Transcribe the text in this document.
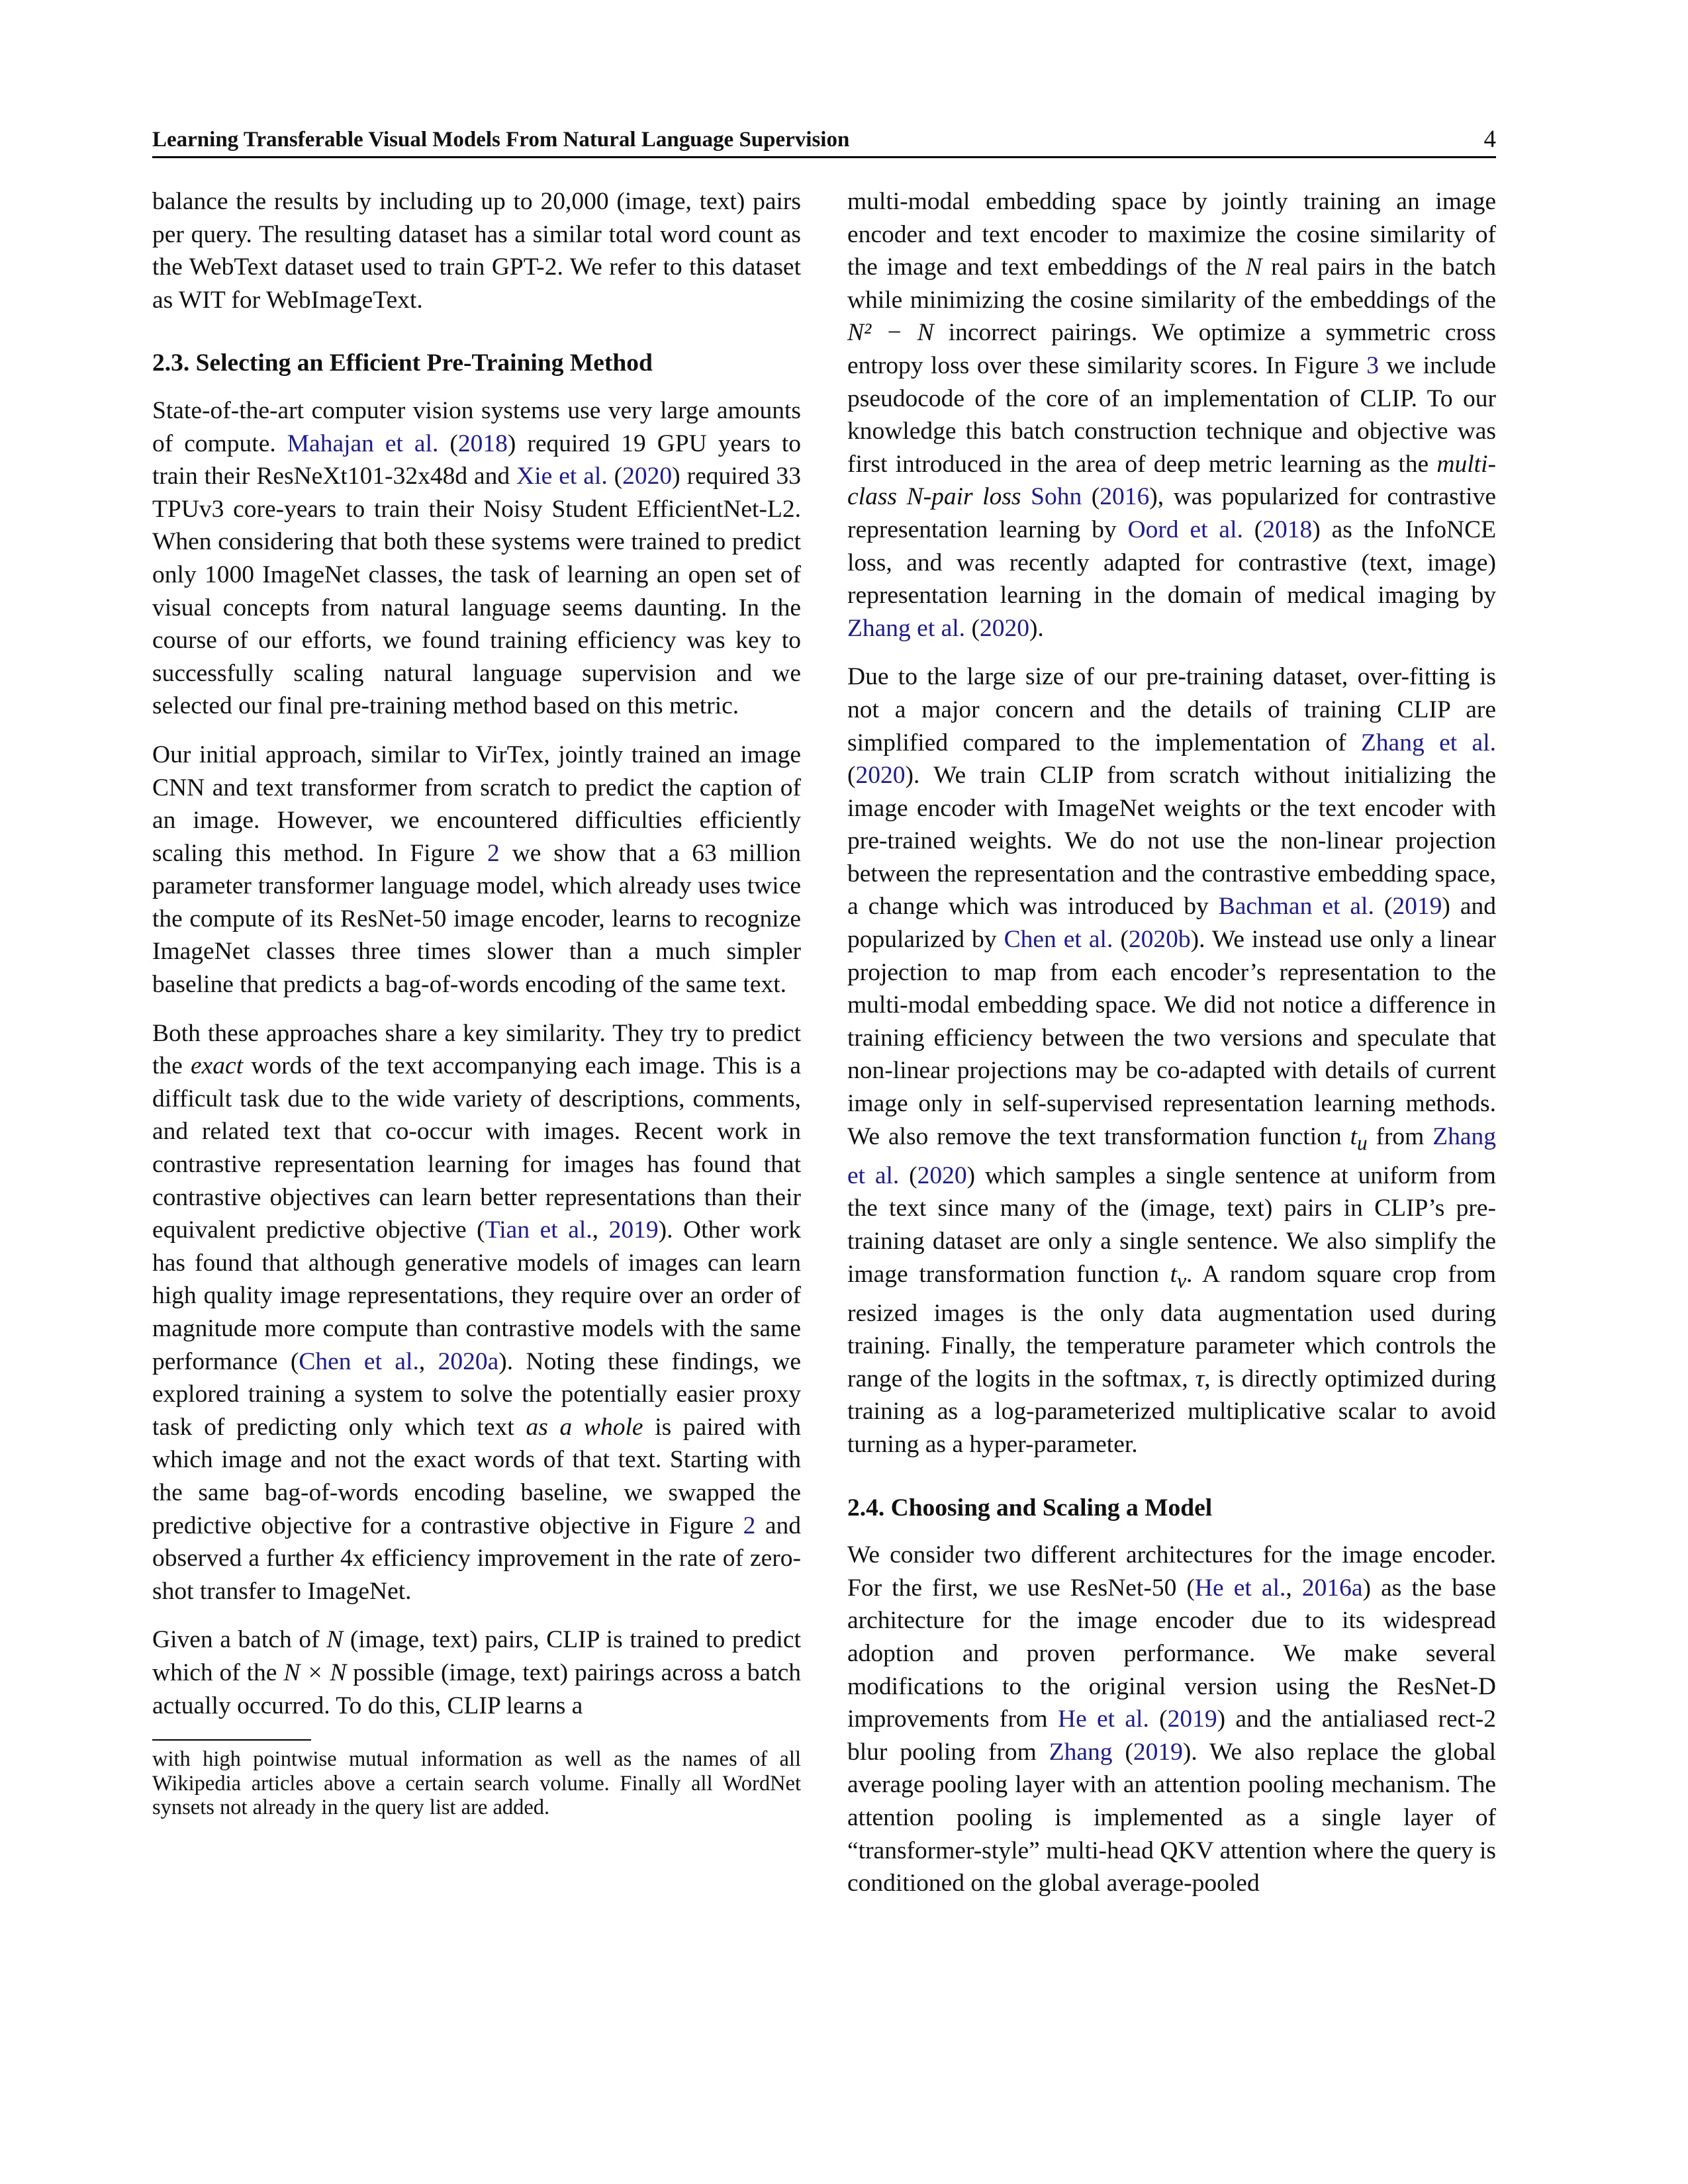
Learning Transferable Visual Models From Natural Language Supervision	4

balance the results by including up to 20,000 (image, text) pairs per query. The resulting dataset has a similar total word count as the WebText dataset used to train GPT-2. We refer to this dataset as WIT for WebImageText.

2.3. Selecting an Efficient Pre-Training Method

State-of-the-art computer vision systems use very large amounts of compute. Mahajan et al. (2018) required 19 GPU years to train their ResNeXt101-32x48d and Xie et al. (2020) required 33 TPUv3 core-years to train their Noisy Student EfficientNet-L2. When considering that both these systems were trained to predict only 1000 ImageNet classes, the task of learning an open set of visual concepts from natural language seems daunting. In the course of our efforts, we found training efficiency was key to successfully scaling natural language supervision and we selected our final pre-training method based on this metric.

Our initial approach, similar to VirTex, jointly trained an image CNN and text transformer from scratch to predict the caption of an image. However, we encountered difficulties efficiently scaling this method. In Figure 2 we show that a 63 million parameter transformer language model, which already uses twice the compute of its ResNet-50 image encoder, learns to recognize ImageNet classes three times slower than a much simpler baseline that predicts a bag-of-words encoding of the same text.

Both these approaches share a key similarity. They try to predict the exact words of the text accompanying each image. This is a difficult task due to the wide variety of descriptions, comments, and related text that co-occur with images. Recent work in contrastive representation learning for images has found that contrastive objectives can learn better representations than their equivalent predictive objective (Tian et al., 2019). Other work has found that although generative models of images can learn high quality image representations, they require over an order of magnitude more compute than contrastive models with the same performance (Chen et al., 2020a). Noting these findings, we explored training a system to solve the potentially easier proxy task of predicting only which text as a whole is paired with which image and not the exact words of that text. Starting with the same bag-of-words encoding baseline, we swapped the predictive objective for a contrastive objective in Figure 2 and observed a further 4x efficiency improvement in the rate of zero-shot transfer to ImageNet.

Given a batch of N (image, text) pairs, CLIP is trained to predict which of the N × N possible (image, text) pairings across a batch actually occurred. To do this, CLIP learns a

with high pointwise mutual information as well as the names of all Wikipedia articles above a certain search volume. Finally all WordNet synsets not already in the query list are added.

multi-modal embedding space by jointly training an image encoder and text encoder to maximize the cosine similarity of the image and text embeddings of the N real pairs in the batch while minimizing the cosine similarity of the embeddings of the N² − N incorrect pairings. We optimize a symmetric cross entropy loss over these similarity scores. In Figure 3 we include pseudocode of the core of an implementation of CLIP. To our knowledge this batch construction technique and objective was first introduced in the area of deep metric learning as the multi-class N-pair loss Sohn (2016), was popularized for contrastive representation learning by Oord et al. (2018) as the InfoNCE loss, and was recently adapted for contrastive (text, image) representation learning in the domain of medical imaging by Zhang et al. (2020).

Due to the large size of our pre-training dataset, over-fitting is not a major concern and the details of training CLIP are simplified compared to the implementation of Zhang et al. (2020). We train CLIP from scratch without initializing the image encoder with ImageNet weights or the text encoder with pre-trained weights. We do not use the non-linear projection between the representation and the contrastive embedding space, a change which was introduced by Bachman et al. (2019) and popularized by Chen et al. (2020b). We instead use only a linear projection to map from each encoder’s representation to the multi-modal embedding space. We did not notice a difference in training efficiency between the two versions and speculate that non-linear projections may be co-adapted with details of current image only in self-supervised representation learning methods. We also remove the text transformation function $t_u$ from Zhang et al. (2020) which samples a single sentence at uniform from the text since many of the (image, text) pairs in CLIP’s pre-training dataset are only a single sentence. We also simplify the image transformation function $t_v$. A random square crop from resized images is the only data augmentation used during training. Finally, the temperature parameter which controls the range of the logits in the softmax, τ, is directly optimized during training as a log-parameterized multiplicative scalar to avoid turning as a hyper-parameter.

2.4. Choosing and Scaling a Model

We consider two different architectures for the image encoder. For the first, we use ResNet-50 (He et al., 2016a) as the base architecture for the image encoder due to its widespread adoption and proven performance. We make several modifications to the original version using the ResNet-D improvements from He et al. (2019) and the antialiased rect-2 blur pooling from Zhang (2019). We also replace the global average pooling layer with an attention pooling mechanism. The attention pooling is implemented as a single layer of “transformer-style” multi-head QKV attention where the query is conditioned on the global average-pooled
